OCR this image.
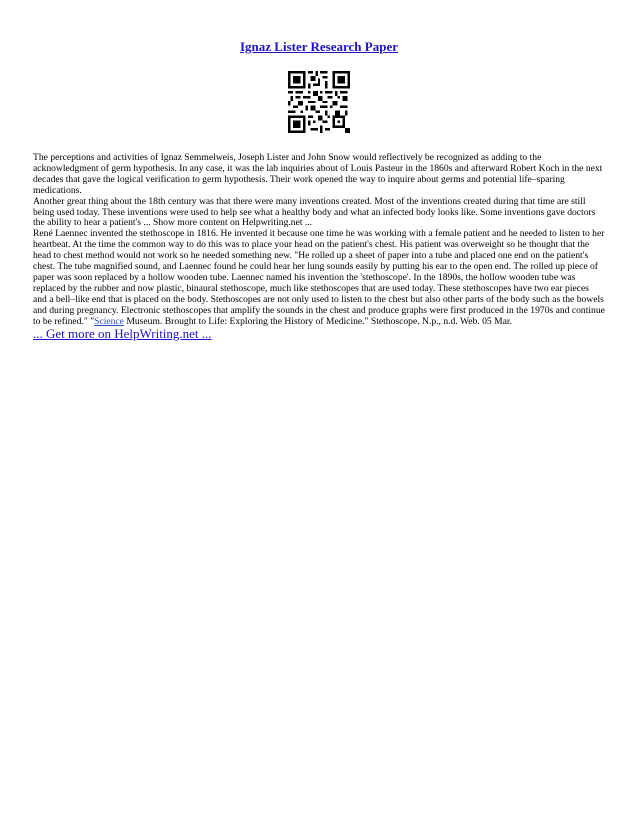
Ignaz Lister Research Paper

The perceptions and activities of Ignaz Semmelweis, Joseph Lister and John Snow would reflectively be recognized as adding to the acknowledgment of germ hypothesis. In any case, it was the lab inquiries about of Louis Pasteur in the 1860s and afterward Robert Koch in the next decades that gave the logical verification to germ hypothesis. Their work opened the way to inquire about germs and potential life–sparing medications.

Another great thing about the 18th century was that there were many inventions created. Most of the inventions created during that time are still being used today. These inventions were used to help see what a healthy body and what an infected body looks like. Some inventions gave doctors the ability to hear a patient's ... Show more content on Helpwriting.net ...

René Laennec invented the stethoscope in 1816. He invented it because one time he was working with a female patient and he needed to listen to her heartbeat. At the time the common way to do this was to place your head on the patient's chest. His patient was overweight so he thought that the head to chest method would not work so he needed something new. "He rolled up a sheet of paper into a tube and placed one end on the patient's chest. The tube magnified sound, and Laennec found he could hear her lung sounds easily by putting his ear to the open end. The rolled up piece of paper was soon replaced by a hollow wooden tube. Laennec named his invention the 'stethoscope'. In the 1890s, the hollow wooden tube was replaced by the rubber and now plastic, binaural stethoscope, much like stethoscopes that are used today. These stethoscopes have two ear pieces and a bell–like end that is placed on the body. Stethoscopes are not only used to listen to the chest but also other parts of the body such as the bowels and during pregnancy. Electronic stethoscopes that amplify the sounds in the chest and produce graphs were first produced in the 1970s and continue to be refined." "Science Museum. Brought to Life: Exploring the History of Medicine." Stethoscope. N.p., n.d. Web. 05 Mar.

... Get more on HelpWriting.net ...
